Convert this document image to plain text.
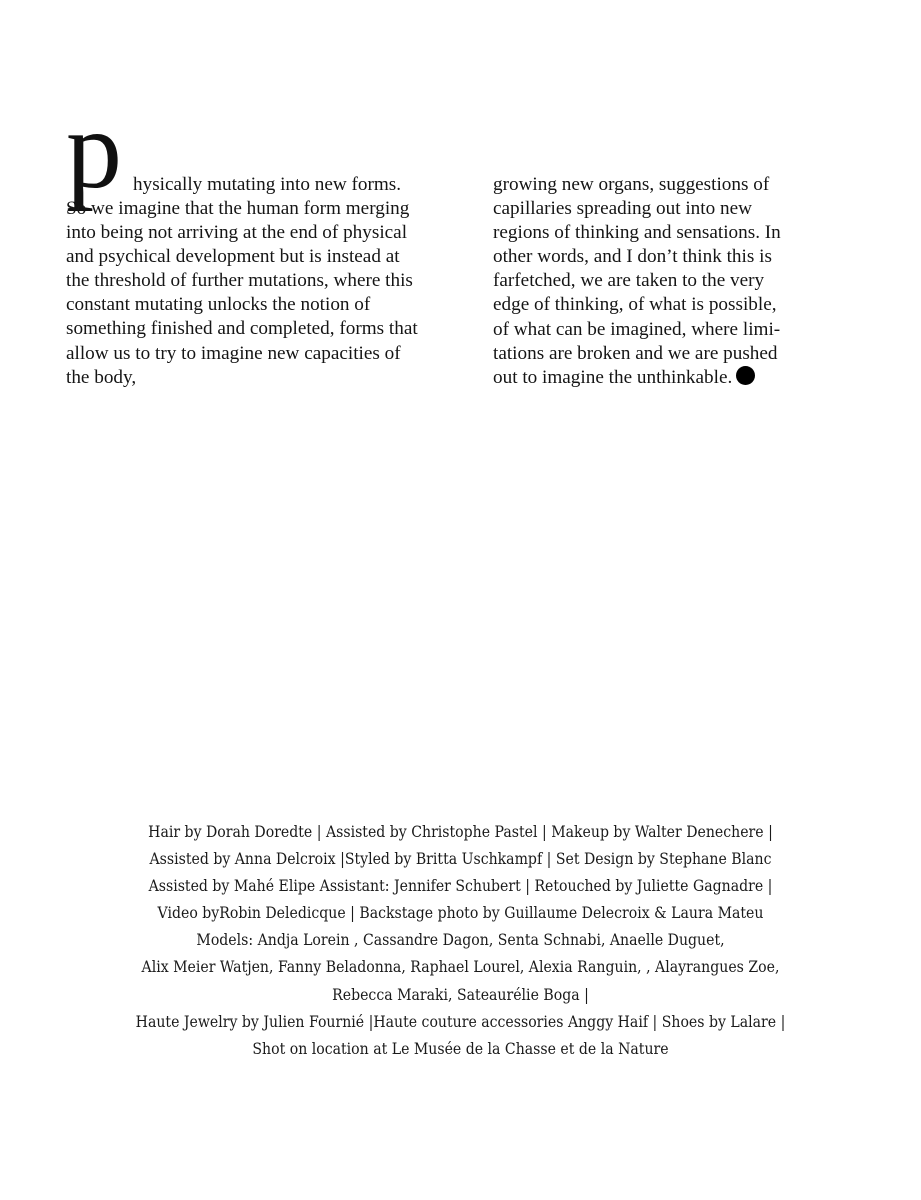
p hysically mutating into new forms.
So we imagine that the human form merging
into being not arriving at the end of physical
and psychical development but is instead at
the threshold of further mutations, where this
constant mutating unlocks the notion of
something finished and completed, forms that
allow us to try to imagine new capacities of
the body,
growing new organs, suggestions of
capillaries spreading out into new
regions of thinking and sensations. In
other words, and I don’t think this is
farfetched, we are taken to the very
edge of thinking, of what is possible,
of what can be imagined, where limi-
tations are broken and we are pushed
out to imagine the unthinkable.
Hair by Dorah Doredte | Assisted by Christophe Pastel | Makeup by Walter Denechere |
Assisted by Anna Delcroix |Styled by Britta Uschkampf | Set Design by Stephane Blanc
Assisted by Mahé Elipe Assistant: Jennifer Schubert | Retouched by Juliette Gagnadre |
Video byRobin Deledicque | Backstage photo by Guillaume Delecroix & Laura Mateu
Models: Andja Lorein , Cassandre Dagon, Senta Schnabi, Anaelle Duguet,
Alix Meier Watjen, Fanny Beladonna, Raphael Lourel, Alexia Ranguin, , Alayrangues Zoe,
Rebecca Maraki, Sateaurélie Boga |
Haute Jewelry by Julien Fournié |Haute couture accessories Anggy Haif | Shoes by Lalare |
Shot on location at Le Musée de la Chasse et de la Nature
